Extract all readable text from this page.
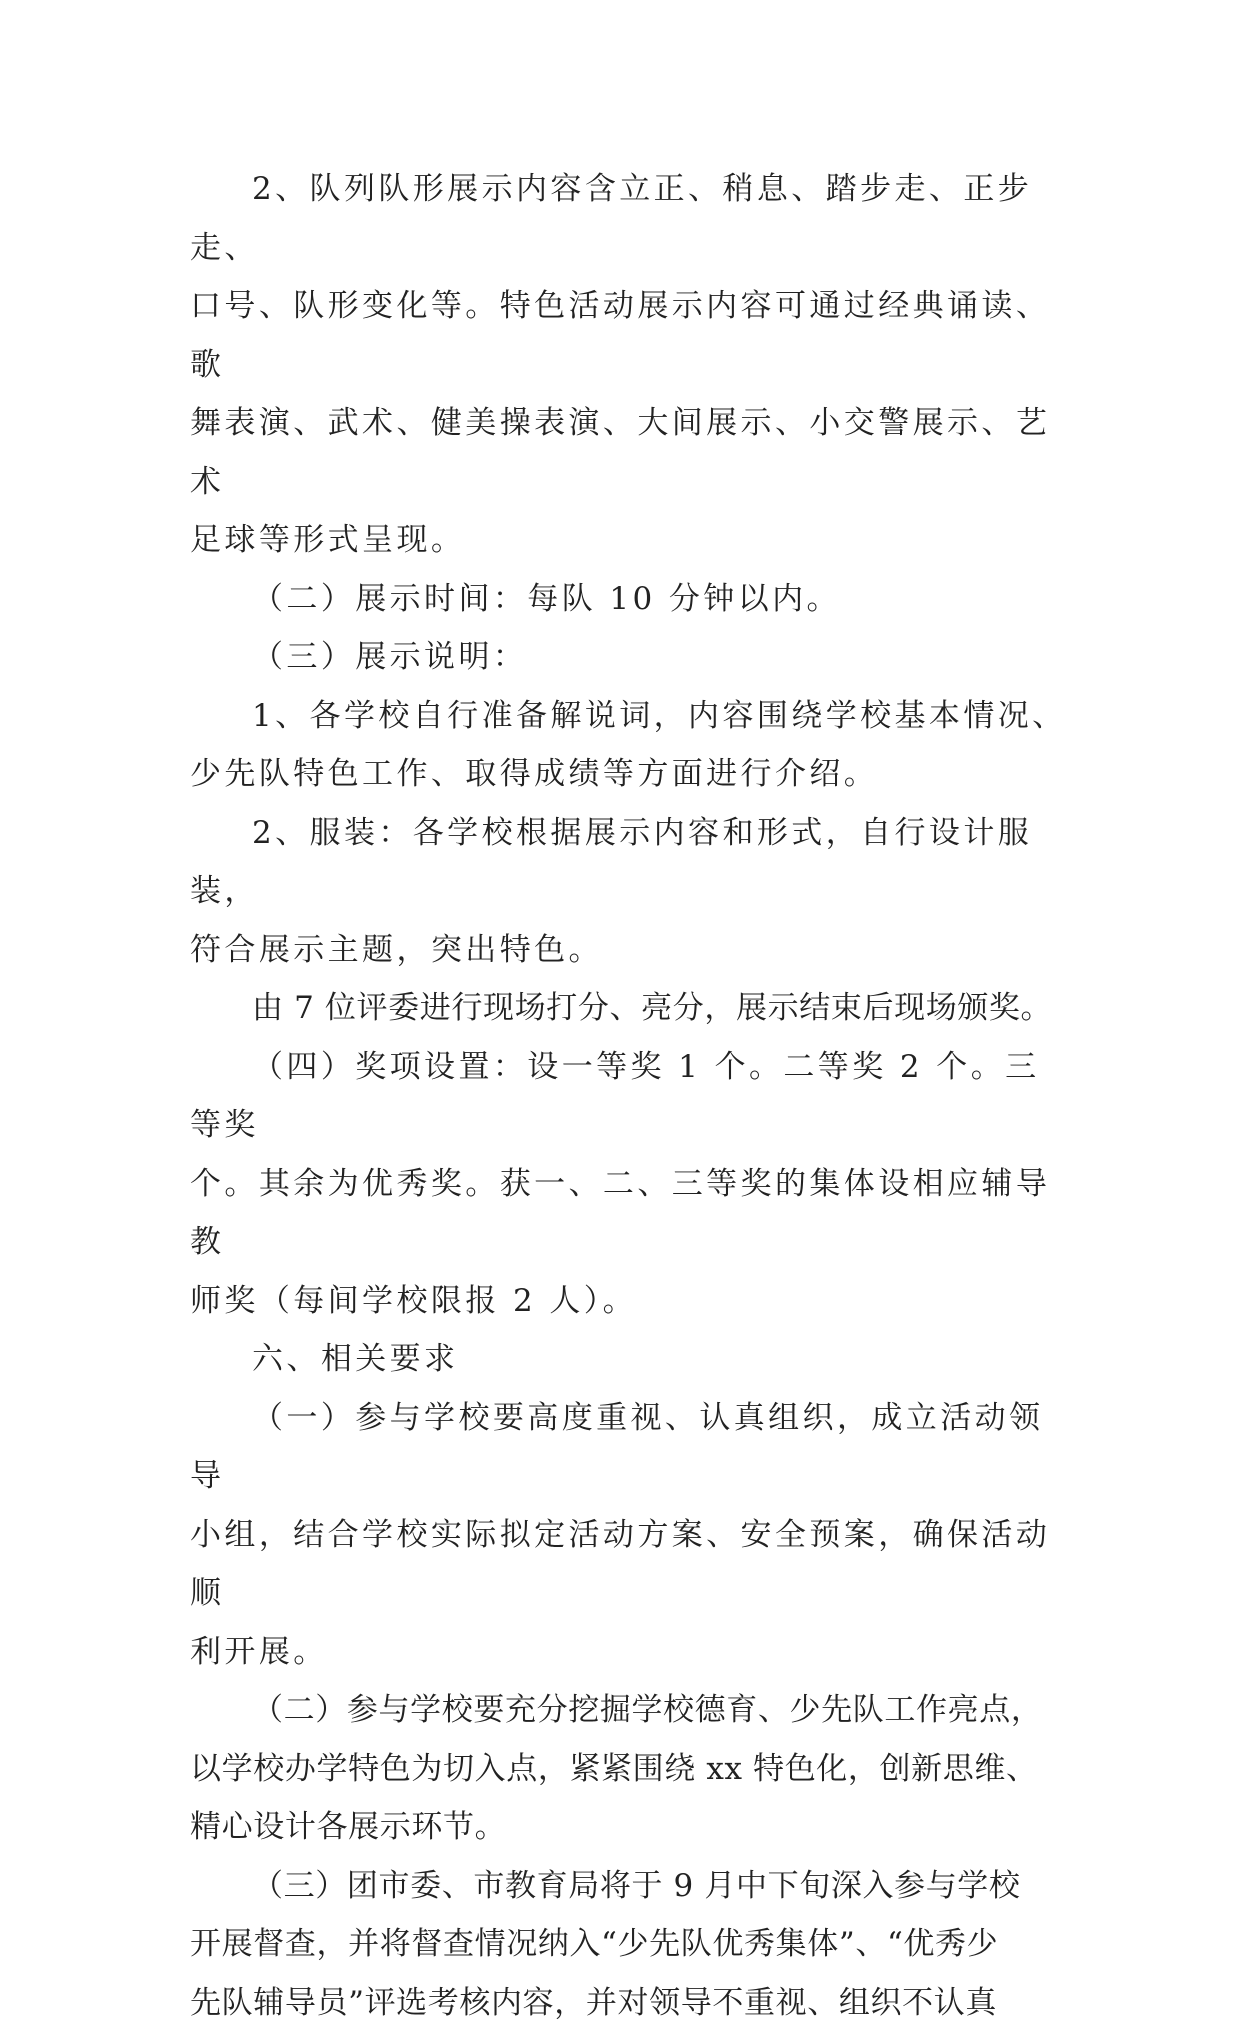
2、队列队形展示内容含立正、稍息、踏步走、正步走、
口号、队形变化等。特色活动展示内容可通过经典诵读、歌
舞表演、武术、健美操表演、大间展示、小交警展示、艺术
足球等形式呈现。

（二）展示时间：每队 10 分钟以内。

（三）展示说明：

1、各学校自行准备解说词，内容围绕学校基本情况、
少先队特色工作、取得成绩等方面进行介绍。

2、服装：各学校根据展示内容和形式，自行设计服装，
符合展示主题，突出特色。

由 7 位评委进行现场打分、亮分，展示结束后现场颁奖。

（四）奖项设置：设一等奖 1 个。二等奖 2 个。三等奖
个。其余为优秀奖。获一、二、三等奖的集体设相应辅导教
师奖（每间学校限报 2 人）。

六、相关要求

（一）参与学校要高度重视、认真组织，成立活动领导
小组，结合学校实际拟定活动方案、安全预案，确保活动顺
利开展。

（二）参与学校要充分挖掘学校德育、少先队工作亮点，
以学校办学特色为切入点，紧紧围绕 xx 特色化，创新思维、
精心设计各展示环节。

（三）团市委、市教育局将于 9 月中下旬深入参与学校
开展督查，并将督查情况纳入“少先队优秀集体”、“优秀少
先队辅导员”评选考核内容，并对领导不重视、组织不认真
